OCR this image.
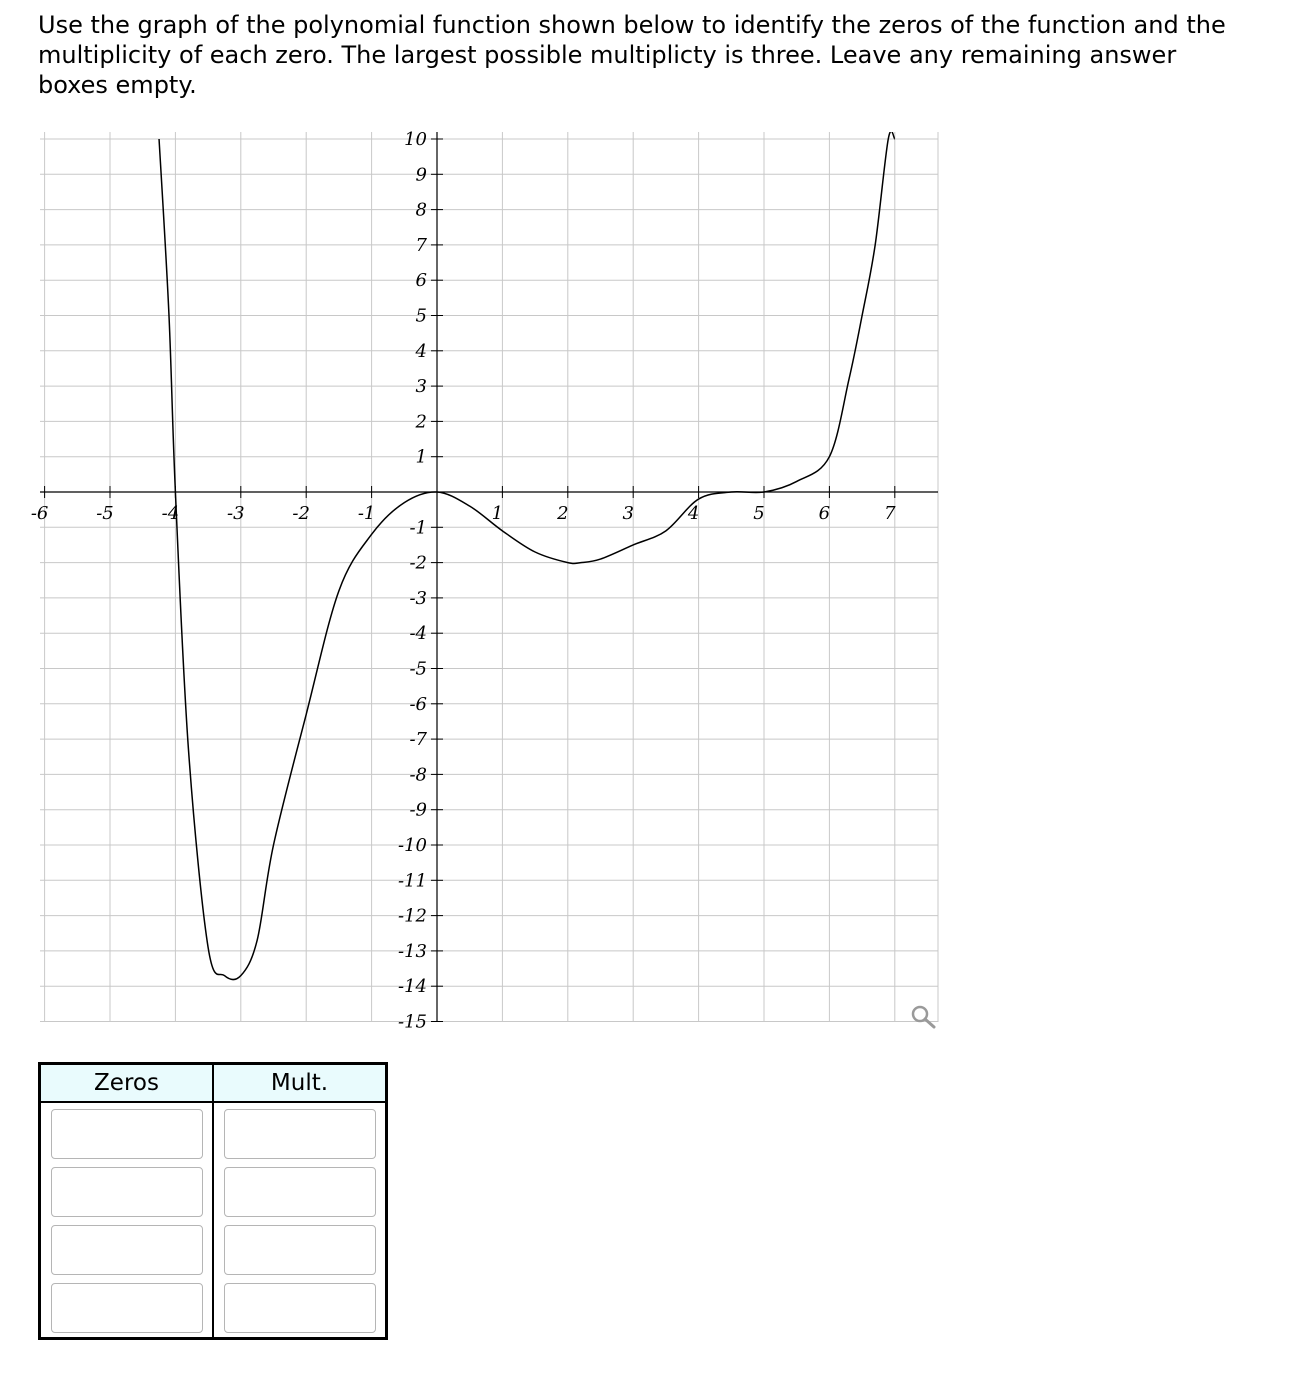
Use the graph of the polynomial function shown below to identify the zeros of the function and the multiplicity of each zero. The largest possible multiplicty is three. Leave any remaining answer boxes empty.

-6	-5	-4	-3	-2	-1	1	2	3	4	5	6	7
10
9
8
7
6
5
4
3
2
1
-1
-2
-3
-4
-5
-6
-7
-8
-9
-10
-11
-12
-13
-14
-15
Zeros	Mult.
